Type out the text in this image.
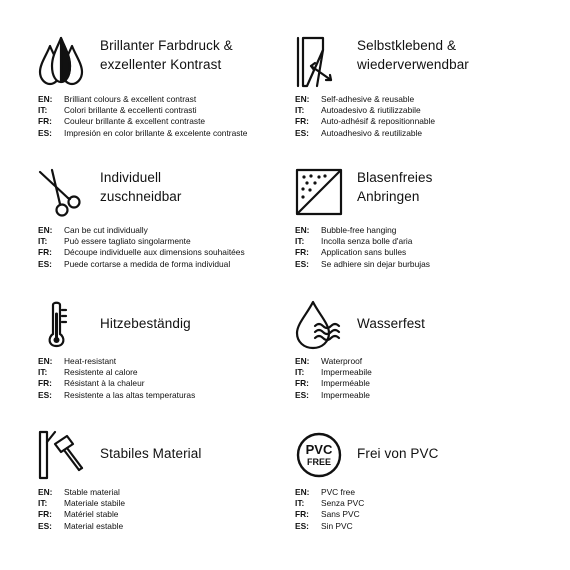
Brillanter Farbdruck &
exzellenter Kontrast
EN: Brilliant colours & excellent contrast
IT: Colori brillante & eccellenti contrasti
FR: Couleur brillante & excellent contraste
ES: Impresión en color brillante & excelente contraste
Selbstklebend &
wiederverwendbar
EN: Self-adhesive & reusable
IT: Autoadesivo & riutilizzabile
FR: Auto-adhésif & repositionnable
ES: Autoadhesivo & reutilizable
Individuell
zuschneidbar
EN: Can be cut individually
IT: Può essere tagliato singolarmente
FR: Découpe individuelle aux dimensions souhaitées
ES: Puede cortarse a medida de forma individual
Blasenfreies
Anbringen
EN: Bubble-free hanging
IT: Incolla senza bolle d'aria
FR: Application sans bulles
ES: Se adhiere sin dejar burbujas
Hitzebeständig
EN: Heat-resistant
IT: Resistente al calore
FR: Résistant à la chaleur
ES: Resistente a las altas temperaturas
Wasserfest
EN: Waterproof
IT: Impermeabile
FR: Imperméable
ES: Impermeable
Stabiles Material
EN: Stable material
IT: Materiale stabile
FR: Matériel stable
ES: Material estable
PVC
FREE
Frei von PVC
EN: PVC free
IT: Senza PVC
FR: Sans PVC
ES: Sin PVC
